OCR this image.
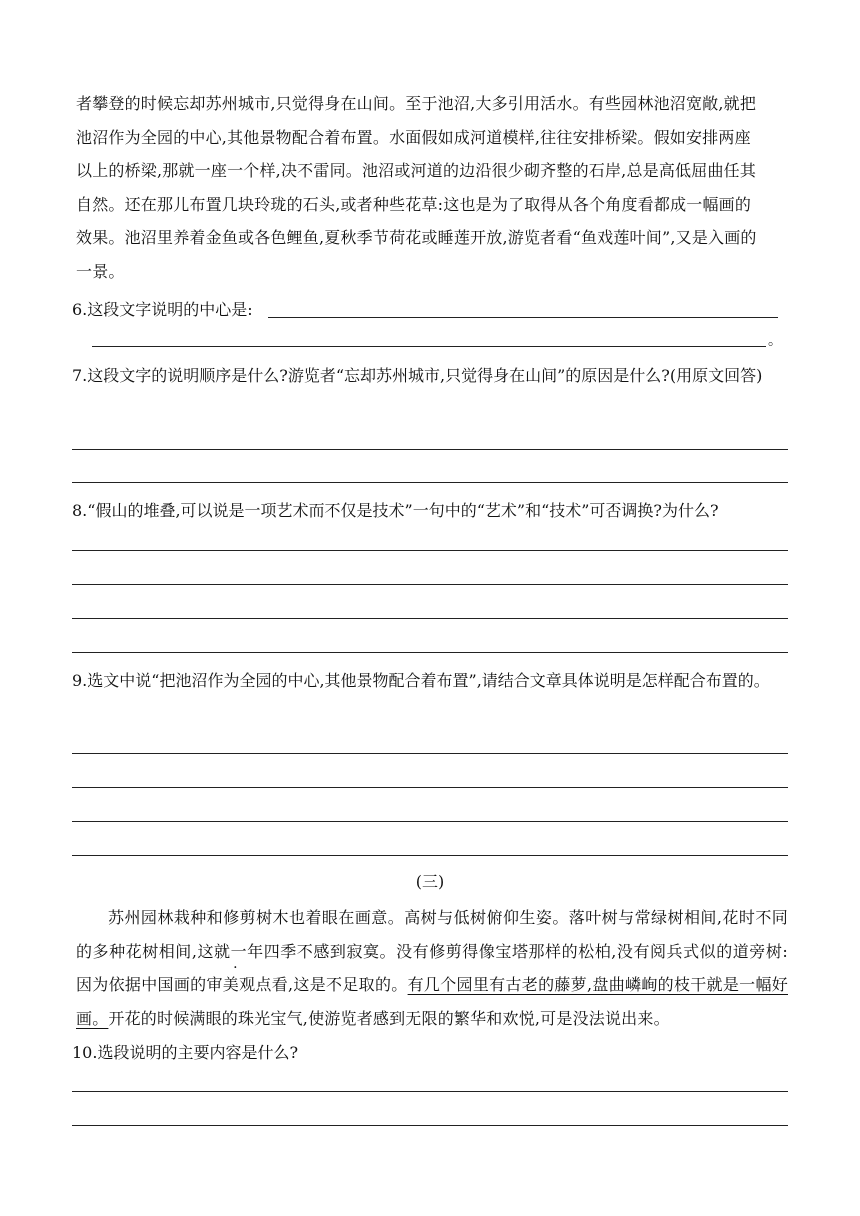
者攀登的时候忘却苏州城市,只觉得身在山间。至于池沼,大多引用活水。有些园林池沼宽敞,就把

池沼作为全园的中心,其他景物配合着布置。水面假如成河道模样,往往安排桥梁。假如安排两座

以上的桥梁,那就一座一个样,决不雷同。池沼或河道的边沿很少砌齐整的石岸,总是高低屈曲任其

自然。还在那儿布置几块玲珑的石头,或者种些花草:这也是为了取得从各个角度看都成一幅画的

效果。池沼里养着金鱼或各色鲤鱼,夏秋季节荷花或睡莲开放,游览者看“鱼戏莲叶间”,又是入画的

一景。

6.这段文字说明的中心是:
。
7.这段文字的说明顺序是什么?游览者“忘却苏州城市,只觉得身在山间”的原因是什么?(用原文回答)
8.“假山的堆叠,可以说是一项艺术而不仅是技术”一句中的“艺术”和“技术”可否调换?为什么?
9.选文中说“把池沼作为全园的中心,其他景物配合着布置”,请结合文章具体说明是怎样配合布置的。
(三)

苏州园林栽种和修剪树木也着眼在画意。高树与低树俯仰生姿。落叶树与常绿树相间,花时不同的多种花树相间,这 ·就一年四季不感到寂寞。没有修剪得像宝塔那样的松柏,没有阅兵式似的道旁树:因为依据中国画的审美观点看,这是不足取的。有几个园里有古老的藤萝,盘曲嶙峋的枝干就是一幅好画。开花的时候满眼的珠光宝气,使游览者感到无限的繁华和欢悦,可是没法说出来。

10.选段说明的主要内容是什么?
